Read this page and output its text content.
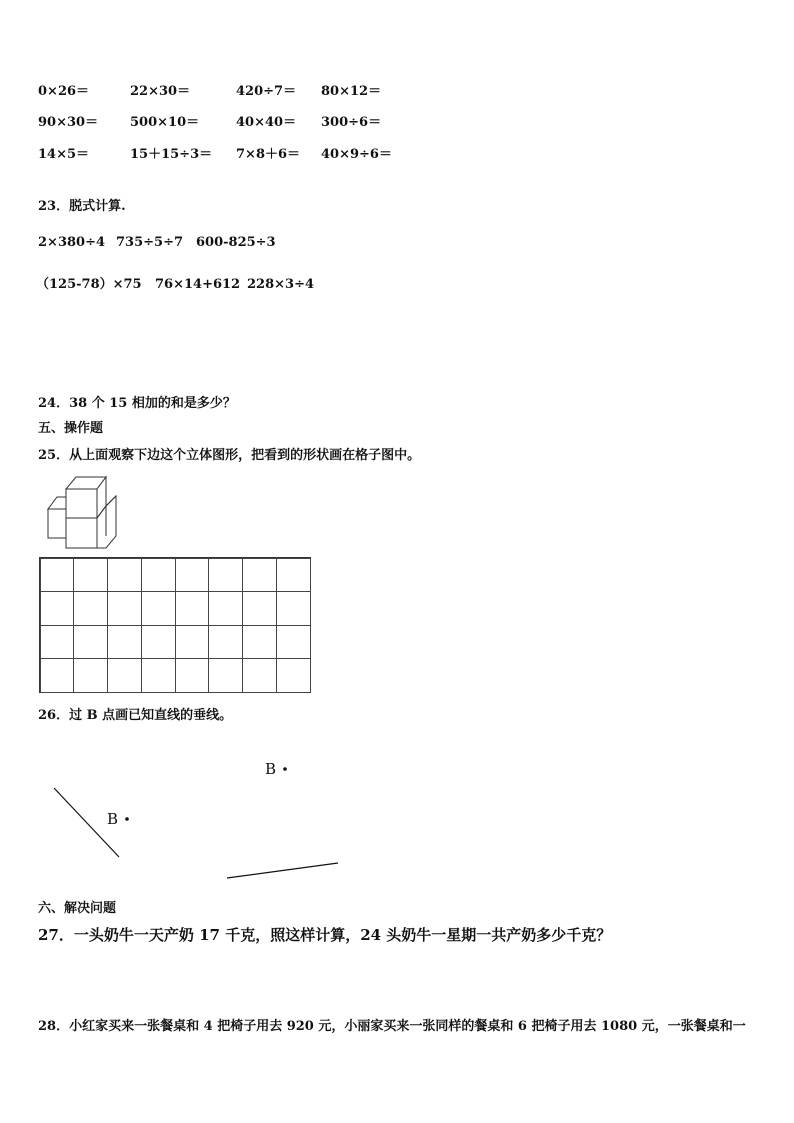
0×26＝	22×30＝	420÷7＝ 80×12＝
90×30＝ 500×10＝	40×40＝ 300÷6＝
14×5＝	15＋15÷3＝ 7×8＋6＝ 40×9÷6＝
23．脱式计算.
2×380÷4 735÷5÷7 600-825÷3
（125-78）×75 76×14+612 228×3÷4
24．38 个 15 相加的和是多少？
五、操作题
25．从上面观察下边这个立体图形，把看到的形状画在格子图中。
26．过 B 点画已知直线的垂线。
B
B
六、解决问题
27．一头奶牛一天产奶 17 千克，照这样计算，24 头奶牛一星期一共产奶多少千克？
28．小红家买来一张餐桌和 4 把椅子用去 920 元，小丽家买来一张同样的餐桌和 6 把椅子用去 1080 元，一张餐桌和一
